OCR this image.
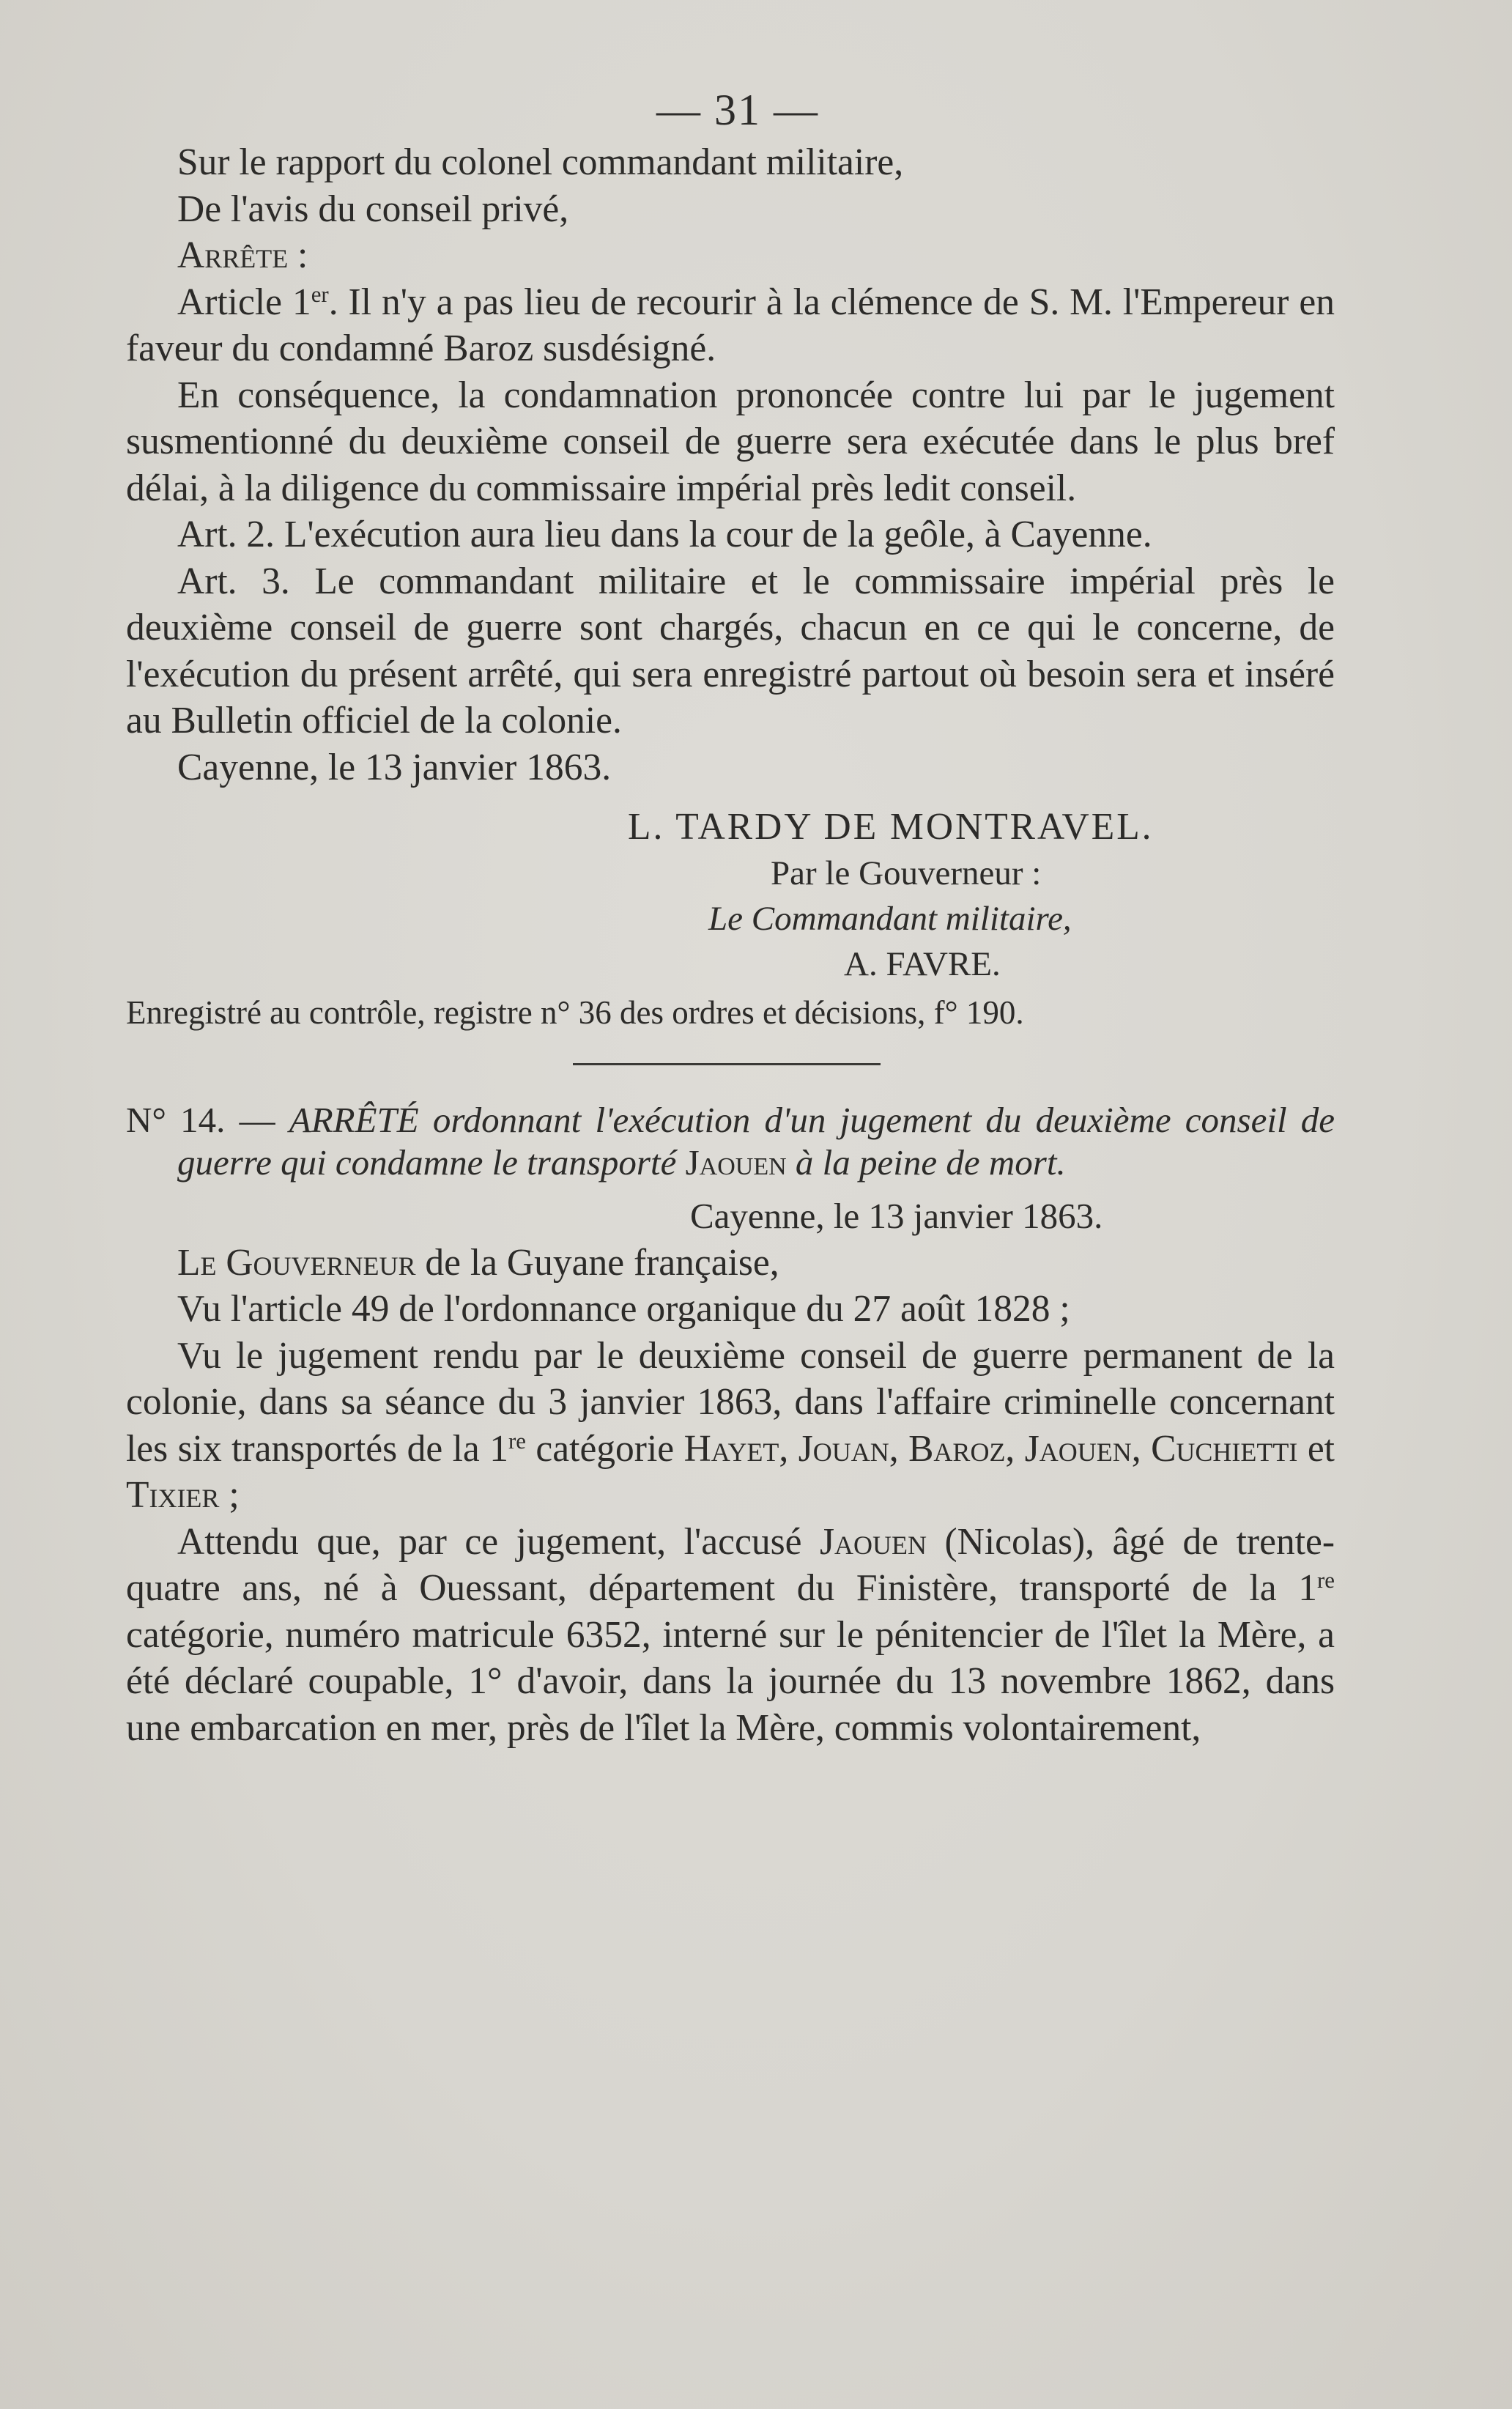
— 31 —

Sur le rapport du colonel commandant militaire,

De l'avis du conseil privé,

Arrête :

Article 1er. Il n'y a pas lieu de recourir à la clémence de S. M. l'Empereur en faveur du condamné Baroz susdésigné.

En conséquence, la condamnation prononcée contre lui par le jugement susmentionné du deuxième conseil de guerre sera exécutée dans le plus bref délai, à la diligence du commissaire impérial près ledit conseil.

Art. 2. L'exécution aura lieu dans la cour de la geôle, à Cayenne.

Art. 3. Le commandant militaire et le commissaire impérial près le deuxième conseil de guerre sont chargés, chacun en ce qui le concerne, de l'exécution du présent arrêté, qui sera enregistré partout où besoin sera et inséré au Bulletin officiel de la colonie.

Cayenne, le 13 janvier 1863.

L. TARDY DE MONTRAVEL.
Par le Gouverneur :
Le Commandant militaire,
A. FAVRE.
Enregistré au contrôle, registre n° 36 des ordres et décisions, f° 190.
N° 14. — ARRÊTÉ ordonnant l'exécution d'un jugement du deuxième conseil de guerre qui condamne le transporté Jaouen à la peine de mort.
Cayenne, le 13 janvier 1863.

Le Gouverneur de la Guyane française,

Vu l'article 49 de l'ordonnance organique du 27 août 1828 ;

Vu le jugement rendu par le deuxième conseil de guerre permanent de la colonie, dans sa séance du 3 janvier 1863, dans l'affaire criminelle concernant les six transportés de la 1re catégorie Hayet, Jouan, Baroz, Jaouen, Cuchietti et Tixier ;

Attendu que, par ce jugement, l'accusé Jaouen (Nicolas), âgé de trente-quatre ans, né à Ouessant, département du Finistère, transporté de la 1re catégorie, numéro matricule 6352, interné sur le pénitencier de l'îlet la Mère, a été déclaré coupable, 1° d'avoir, dans la journée du 13 novembre 1862, dans une embarcation en mer, près de l'îlet la Mère, commis volontairement,
